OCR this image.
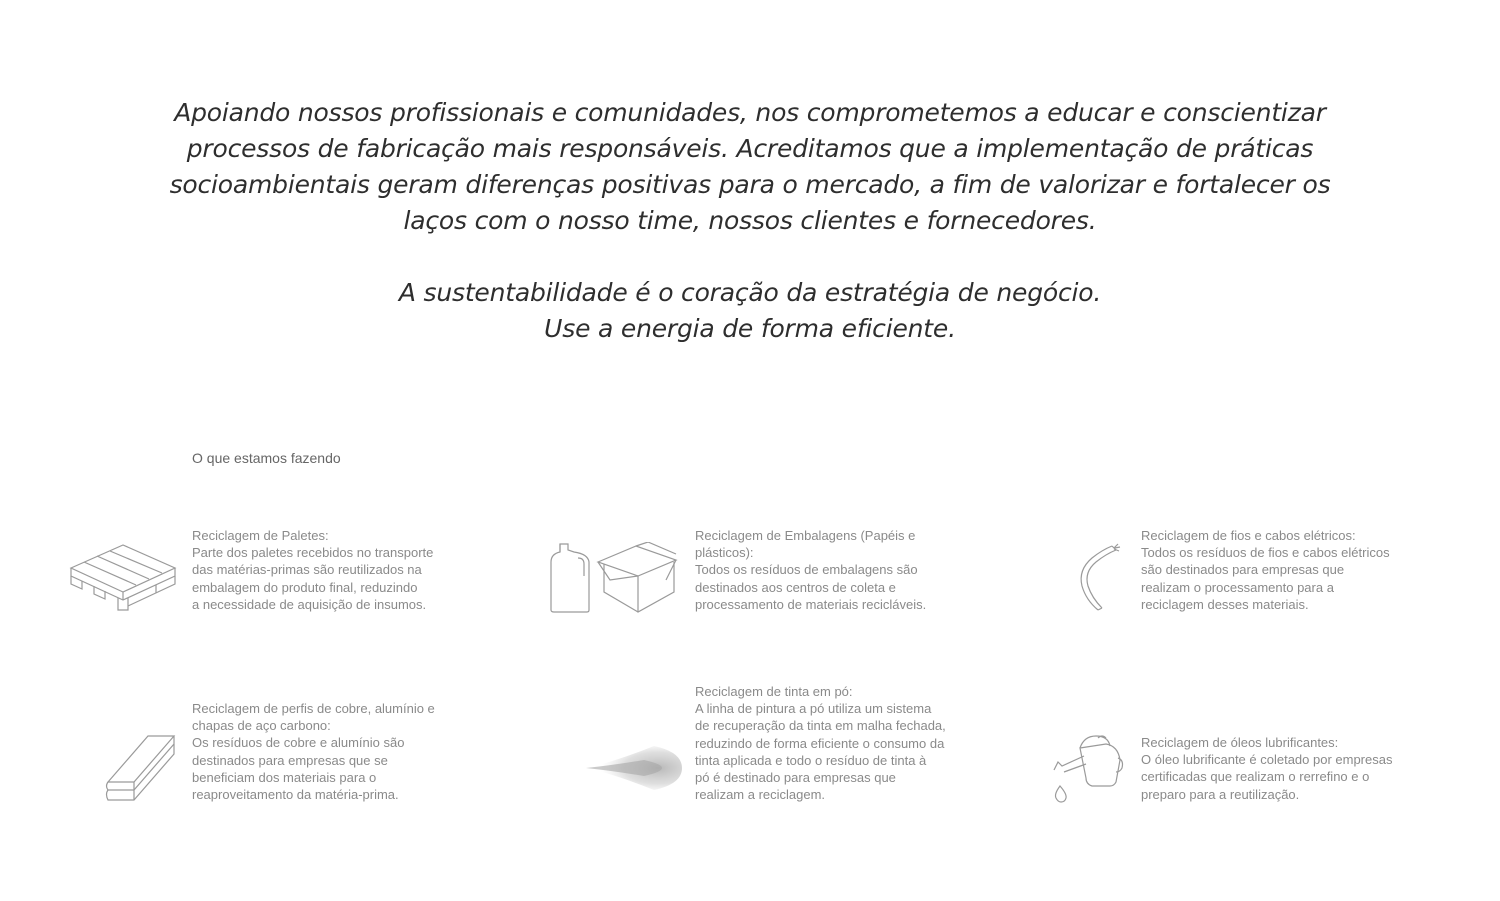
Apoiando nossos profissionais e comunidades, nos comprometemos a educar e conscientizar

processos de fabricação mais responsáveis. Acreditamos que a implementação de práticas

socioambientais geram diferenças positivas para o mercado, a fim de valorizar e fortalecer os

laços com o nosso time, nossos clientes e fornecedores.

A sustentabilidade é o coração da estratégia de negócio.

Use a energia de forma eficiente.

O que estamos fazendo

Reciclagem de Paletes:
Parte dos paletes recebidos no transporte
das matérias-primas são reutilizados na
embalagem do produto final, reduzindo
a necessidade de aquisição de insumos.

Reciclagem de Embalagens (Papéis e
plásticos):
Todos os resíduos de embalagens são
destinados aos centros de coleta e
processamento de materiais recicláveis.

Reciclagem de fios e cabos elétricos:
Todos os resíduos de fios e cabos elétricos
são destinados para empresas que
realizam o processamento para a
reciclagem desses materiais.

Reciclagem de perfis de cobre, alumínio e
chapas de aço carbono:
Os resíduos de cobre e alumínio são
destinados para empresas que se
beneficiam dos materiais para o
reaproveitamento da matéria-prima.

Reciclagem de tinta em pó:
A linha de pintura a pó utiliza um sistema
de recuperação da tinta em malha fechada,
reduzindo de forma eficiente o consumo da
tinta aplicada e todo o resíduo de tinta à
pó é destinado para empresas que
realizam a reciclagem.

Reciclagem de óleos lubrificantes:
O óleo lubrificante é coletado por empresas
certificadas que realizam o rerrefino e o
preparo para a reutilização.
